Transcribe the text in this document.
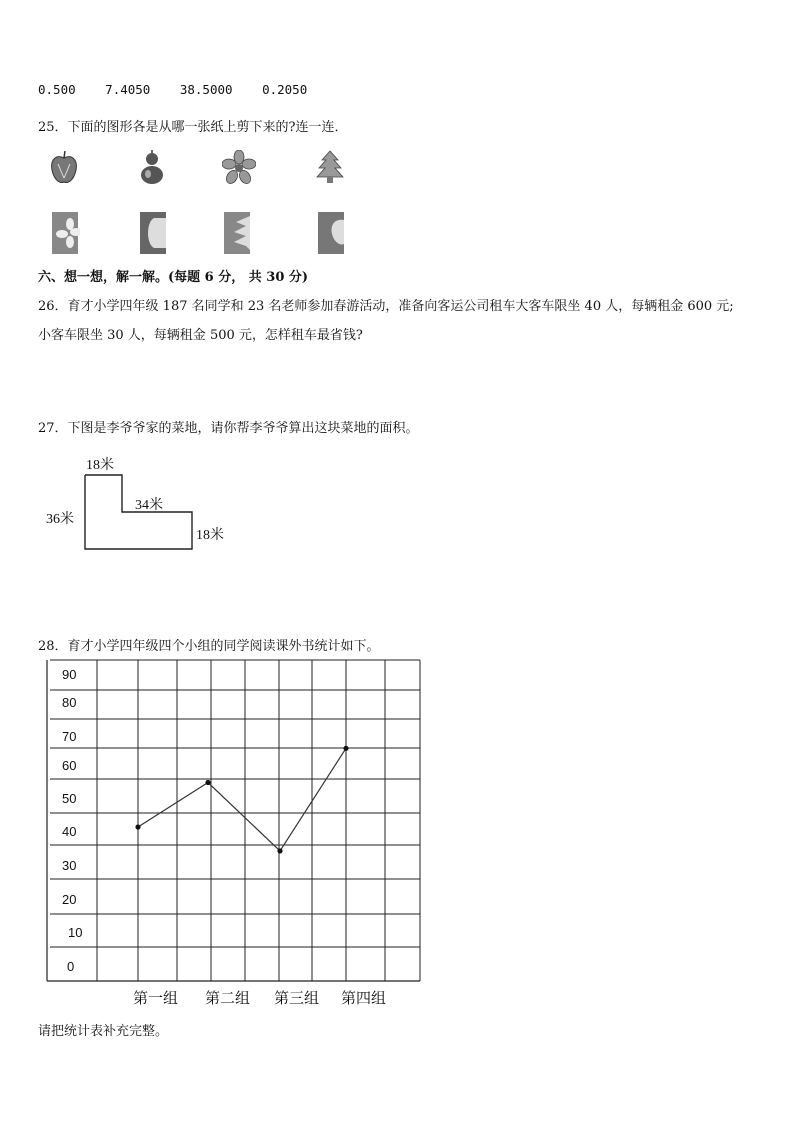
0.500 7.4050 38.5000 0.2050
25．下面的图形各是从哪一张纸上剪下来的?连一连．
六、想一想，解一解。(每题 6 分， 共 30 分)
26．育才小学四年级 187 名同学和 23 名老师参加春游活动，准备向客运公司租车大客车限坐 40 人，每辆租金 600 元;
小客车限坐 30 人，每辆租金 500 元，怎样租车最省钱?
27．下图是李爷爷家的菜地，请你帮李爷爷算出这块菜地的面积。
18米
36米
34米
18米
28．育才小学四年级四个小组的同学阅读课外书统计如下。
90
80
70
60
50
40
30
20
10
0
第一组 第二组 第三组 第四组
请把统计表补充完整。
